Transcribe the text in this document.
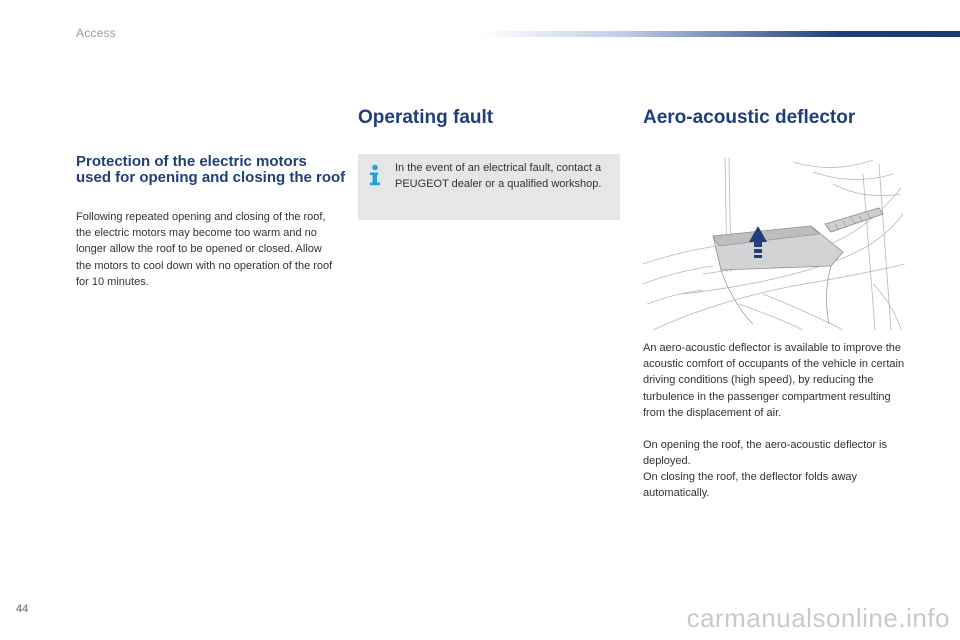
Access
Operating fault	Aero-acoustic deflector
Protection of the electric motors used for opening and closing the roof

Following repeated opening and closing of the roof, the electric motors may become too warm and no longer allow the roof to be opened or closed. Allow the motors to cool down with no operation of the roof for 10 minutes.

In the event of an electrical fault, contact a PEUGEOT dealer or a qualified workshop.

An aero-acoustic deflector is available to improve the acoustic comfort of occupants of the vehicle in certain driving conditions (high speed), by reducing the turbulence in the passenger compartment resulting from the displacement of air.

On opening the roof, the aero-acoustic deflector is deployed.

On closing the roof, the deflector folds away automatically.

44	carmanualsonline.info
